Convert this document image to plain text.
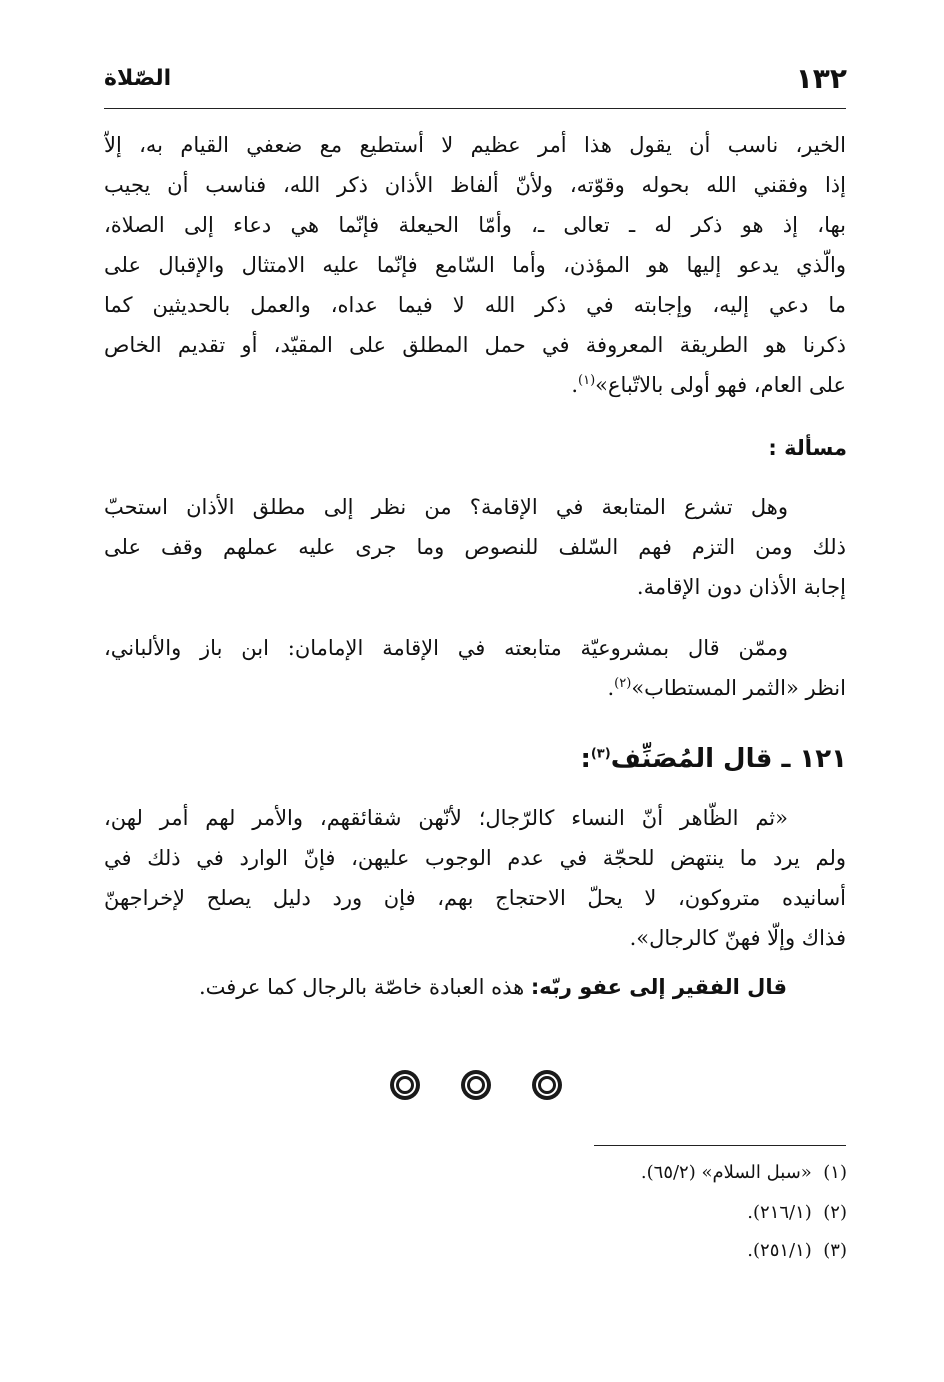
١٣٢
الصّلاة
الخير، ناسب أن يقول هذا أمر عظيم لا أستطيع مع ضعفي القيام به، إلاّ
إذا وفقني الله بحوله وقوّته، ولأنّ ألفاظ الأذان ذكر الله، فناسب أن يجيب
بها، إذ هو ذكر له ـ تعالى ـ، وأمّا الحيعلة فإنّما هي دعاء إلى الصلاة،
والّذي يدعو إليها هو المؤذن، وأما السّامع فإنّما عليه الامتثال والإقبال على
ما دعي إليه، وإجابته في ذكر الله لا فيما عداه، والعمل بالحديثين كما
ذكرنا هو الطريقة المعروفة في حمل المطلق على المقيّد، أو تقديم الخاص
على العام، فهو أولى بالاتّباع»$^{(١)}$.
مسألة :
وهل تشرع المتابعة في الإقامة؟ من نظر إلى مطلق الأذان استحبّ
ذلك ومن التزم فهم السّلف للنصوص وما جرى عليه عملهم وقف على
إجابة الأذان دون الإقامة.
وممّن قال بمشروعيّة متابعته في الإقامة الإمامان: ابن باز والألباني،
انظر «الثمر المستطاب»$^{(٢)}$.
١٢١ ـ قال المُصَنِّف$^{(٣)}$:
«ثم الظّاهر أنّ النساء كالرّجال؛ لأنّهن شقائقهم، والأمر لهم أمر لهن،
ولم يرد ما ينتهض للحجّة في عدم الوجوب عليهن، فإنّ الوارد في ذلك في
أسانيده متروكون، لا يحلّ الاحتجاج بهم، فإن ورد دليل يصلح لإخراجهنّ
فذاك وإلّا فهنّ كالرجال».
قال الفقير إلى عفو ربّه: هذه العبادة خاصّة بالرجال كما عرفت.
(١)  «سبل السلام» (٦٥/٢).
(٢)  (٢١٦/١).
(٣)  (٢٥١/١).
